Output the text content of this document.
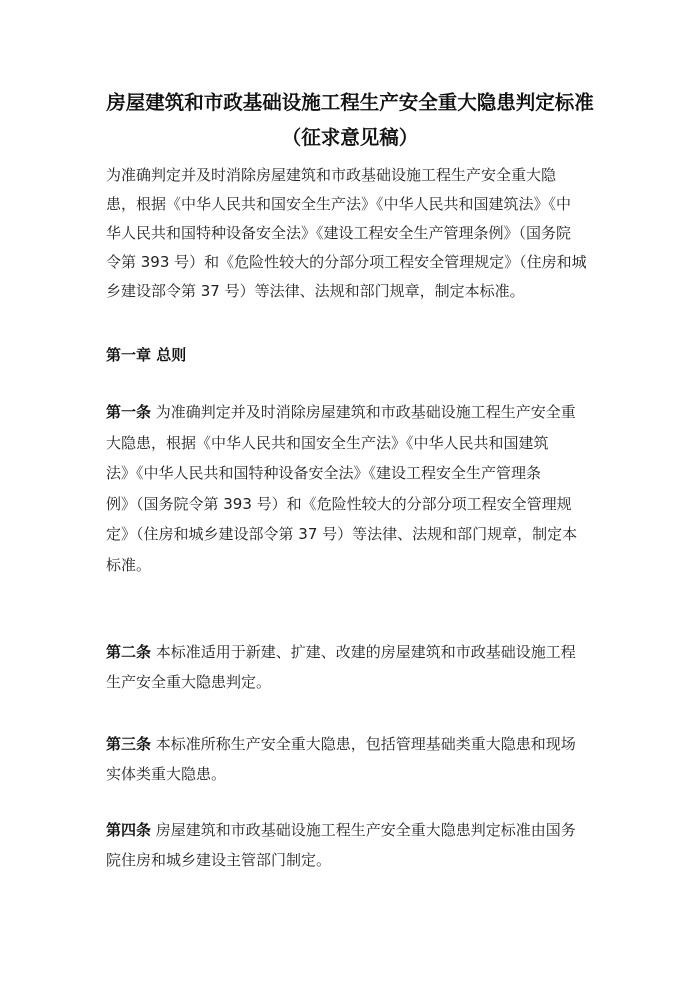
房屋建筑和市政基础设施工程生产安全重大隐患判定标准
（征求意见稿）

为准确判定并及时消除房屋建筑和市政基础设施工程生产安全重大隐
患，根据《中华人民共和国安全生产法》《中华人民共和国建筑法》《中
华人民共和国特种设备安全法》《建设工程安全生产管理条例》（国务院
令第 393 号）和《危险性较大的分部分项工程安全管理规定》（住房和城
乡建设部令第 37 号）等法律、法规和部门规章，制定本标准。

第一章 总则

第一条 为准确判定并及时消除房屋建筑和市政基础设施工程生产安全重
大隐患，根据《中华人民共和国安全生产法》《中华人民共和国建筑
法》《中华人民共和国特种设备安全法》《建设工程安全生产管理条
例》（国务院令第 393 号）和《危险性较大的分部分项工程安全管理规
定》（住房和城乡建设部令第 37 号）等法律、法规和部门规章，制定本
标准。

第二条 本标准适用于新建、扩建、改建的房屋建筑和市政基础设施工程
生产安全重大隐患判定。

第三条 本标准所称生产安全重大隐患，包括管理基础类重大隐患和现场
实体类重大隐患。

第四条 房屋建筑和市政基础设施工程生产安全重大隐患判定标准由国务
院住房和城乡建设主管部门制定。
